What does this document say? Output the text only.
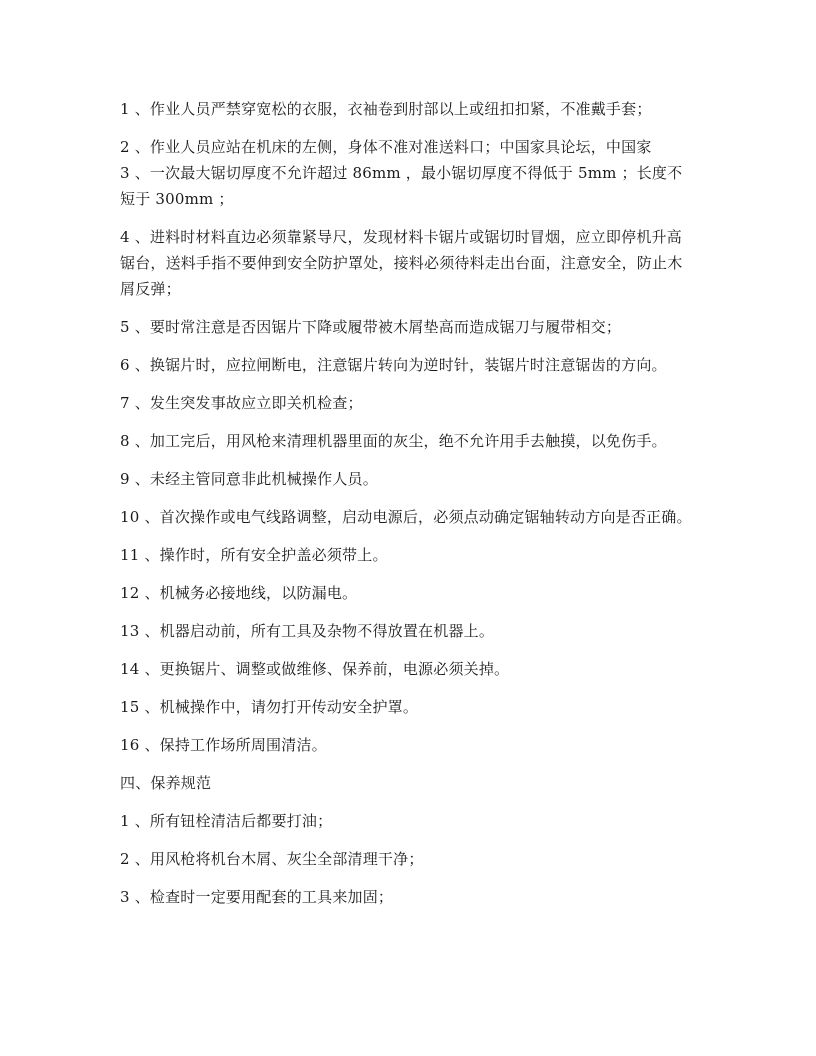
1 、作业人员严禁穿宽松的衣服，衣袖卷到肘部以上或纽扣扣紧，不准戴手套；

2 、作业人员应站在机床的左侧，身体不准对准送料口；中国家具论坛，中国家

3 、一次最大锯切厚度不允许超过 86mm ，最小锯切厚度不得低于 5mm ；长度不短于 300mm ；

4 、进料时材料直边必须靠紧导尺，发现材料卡锯片或锯切时冒烟，应立即停机升高锯台，送料手指不要伸到安全防护罩处，接料必须待料走出台面，注意安全，防止木屑反弹；

5 、要时常注意是否因锯片下降或履带被木屑垫高而造成锯刀与履带相交；

6 、换锯片时，应拉闸断电，注意锯片转向为逆时针，装锯片时注意锯齿的方向。

7 、发生突发事故应立即关机检查；

8 、加工完后，用风枪来清理机器里面的灰尘，绝不允许用手去触摸，以免伤手。

9 、未经主管同意非此机械操作人员。

10 、首次操作或电气线路调整，启动电源后，必须点动确定锯轴转动方向是否正确。

11 、操作时，所有安全护盖必须带上。

12 、机械务必接地线，以防漏电。

13 、机器启动前，所有工具及杂物不得放置在机器上。

14 、更换锯片、调整或做维修、保养前，电源必须关掉。

15 、机械操作中，请勿打开传动安全护罩。

16 、保持工作场所周围清洁。

四、保养规范

1 、所有钮栓清洁后都要打油；

2 、用风枪将机台木屑、灰尘全部清理干净；

3 、检查时一定要用配套的工具来加固；
